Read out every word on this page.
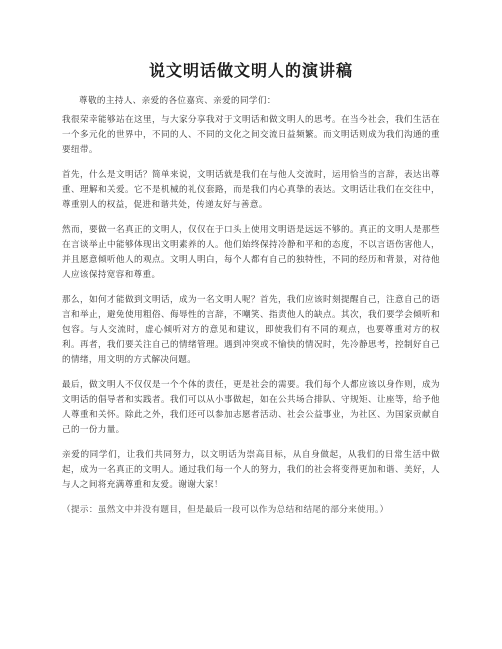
说文明话做文明人的演讲稿

尊敬的主持人、亲爱的各位嘉宾、亲爱的同学们：

我很荣幸能够站在这里，与大家分享我对于文明话和做文明人的思考。在当今社会，我们生活在一个多元化的世界中，不同的人、不同的文化之间交流日益频繁。而文明话则成为我们沟通的重要纽带。

首先，什么是文明话？简单来说，文明话就是我们在与他人交流时，运用恰当的言辞，表达出尊重、理解和关爱。它不是机械的礼仪套路，而是我们内心真挚的表达。文明话让我们在交往中，尊重别人的权益，促进和谐共处，传递友好与善意。

然而，要做一名真正的文明人，仅仅在于口头上使用文明语是远远不够的。真正的文明人是那些在言谈举止中能够体现出文明素养的人。他们始终保持冷静和平和的态度，不以言语伤害他人，并且愿意倾听他人的观点。文明人明白，每个人都有自己的独特性，不同的经历和背景，对待他人应该保持宽容和尊重。

那么，如何才能做到文明话，成为一名文明人呢？首先，我们应该时刻提醒自己，注意自己的语言和举止，避免使用粗俗、侮辱性的言辞，不嘲笑、指责他人的缺点。其次，我们要学会倾听和包容。与人交流时，虚心倾听对方的意见和建议，即使我们有不同的观点，也要尊重对方的权利。再者，我们要关注自己的情绪管理。遇到冲突或不愉快的情况时，先冷静思考，控制好自己的情绪，用文明的方式解决问题。

最后，做文明人不仅仅是一个个体的责任，更是社会的需要。我们每个人都应该以身作则，成为文明话的倡导者和实践者。我们可以从小事做起，如在公共场合排队、守规矩、让座等，给予他人尊重和关怀。除此之外，我们还可以参加志愿者活动、社会公益事业，为社区、为国家贡献自己的一份力量。

亲爱的同学们，让我们共同努力，以文明话为崇高目标，从自身做起，从我们的日常生活中做起，成为一名真正的文明人。通过我们每一个人的努力，我们的社会将变得更加和谐、美好，人与人之间将充满尊重和友爱。谢谢大家！

（提示：虽然文中并没有题目，但是最后一段可以作为总结和结尾的部分来使用。）
